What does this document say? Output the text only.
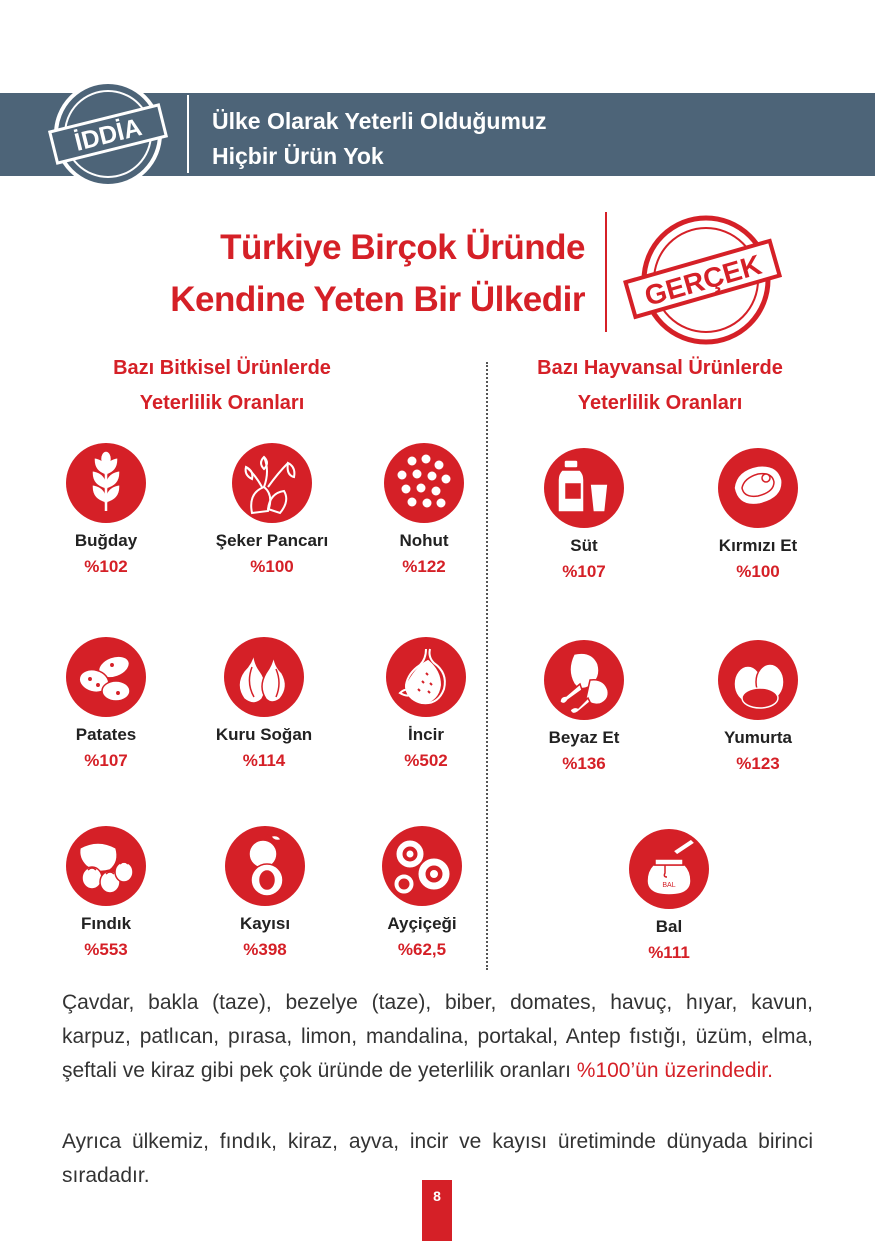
İDDİA	Ülke Olarak Yeterli Olduğumuz
Hiçbir Ürün Yok
Türkiye Birçok Üründe
Kendine Yeten Bir Ülkedir GERÇEK
Bazı Bitkisel Ürünlerde
Yeterlilik Oranları
Bazı Hayvansal Ürünlerde
Yeterlilik Oranları
Buğday
%102
Şeker Pancarı
%100
Nohut
%122
Patates
%107
Kuru Soğan
%114
İncir
%502
Fındık
%553
Kayısı
%398
Ayçiçeği
%62,5
Süt
%107
Kırmızı Et
%100
Beyaz Et
%136
Yumurta
%123
BAL
Bal
%111
Çavdar, bakla (taze), bezelye (taze), biber, domates, havuç, hıyar, kavun, karpuz, patlıcan, pırasa, limon, mandalina, portakal, Antep fıstığı, üzüm, elma, şeftali ve kiraz gibi pek çok üründe de yeterlilik oranları %100’ün üzerindedir.
Ayrıca ülkemiz, fındık, kiraz, ayva, incir ve kayısı üretiminde dünyada birinci sıradadır.
8
